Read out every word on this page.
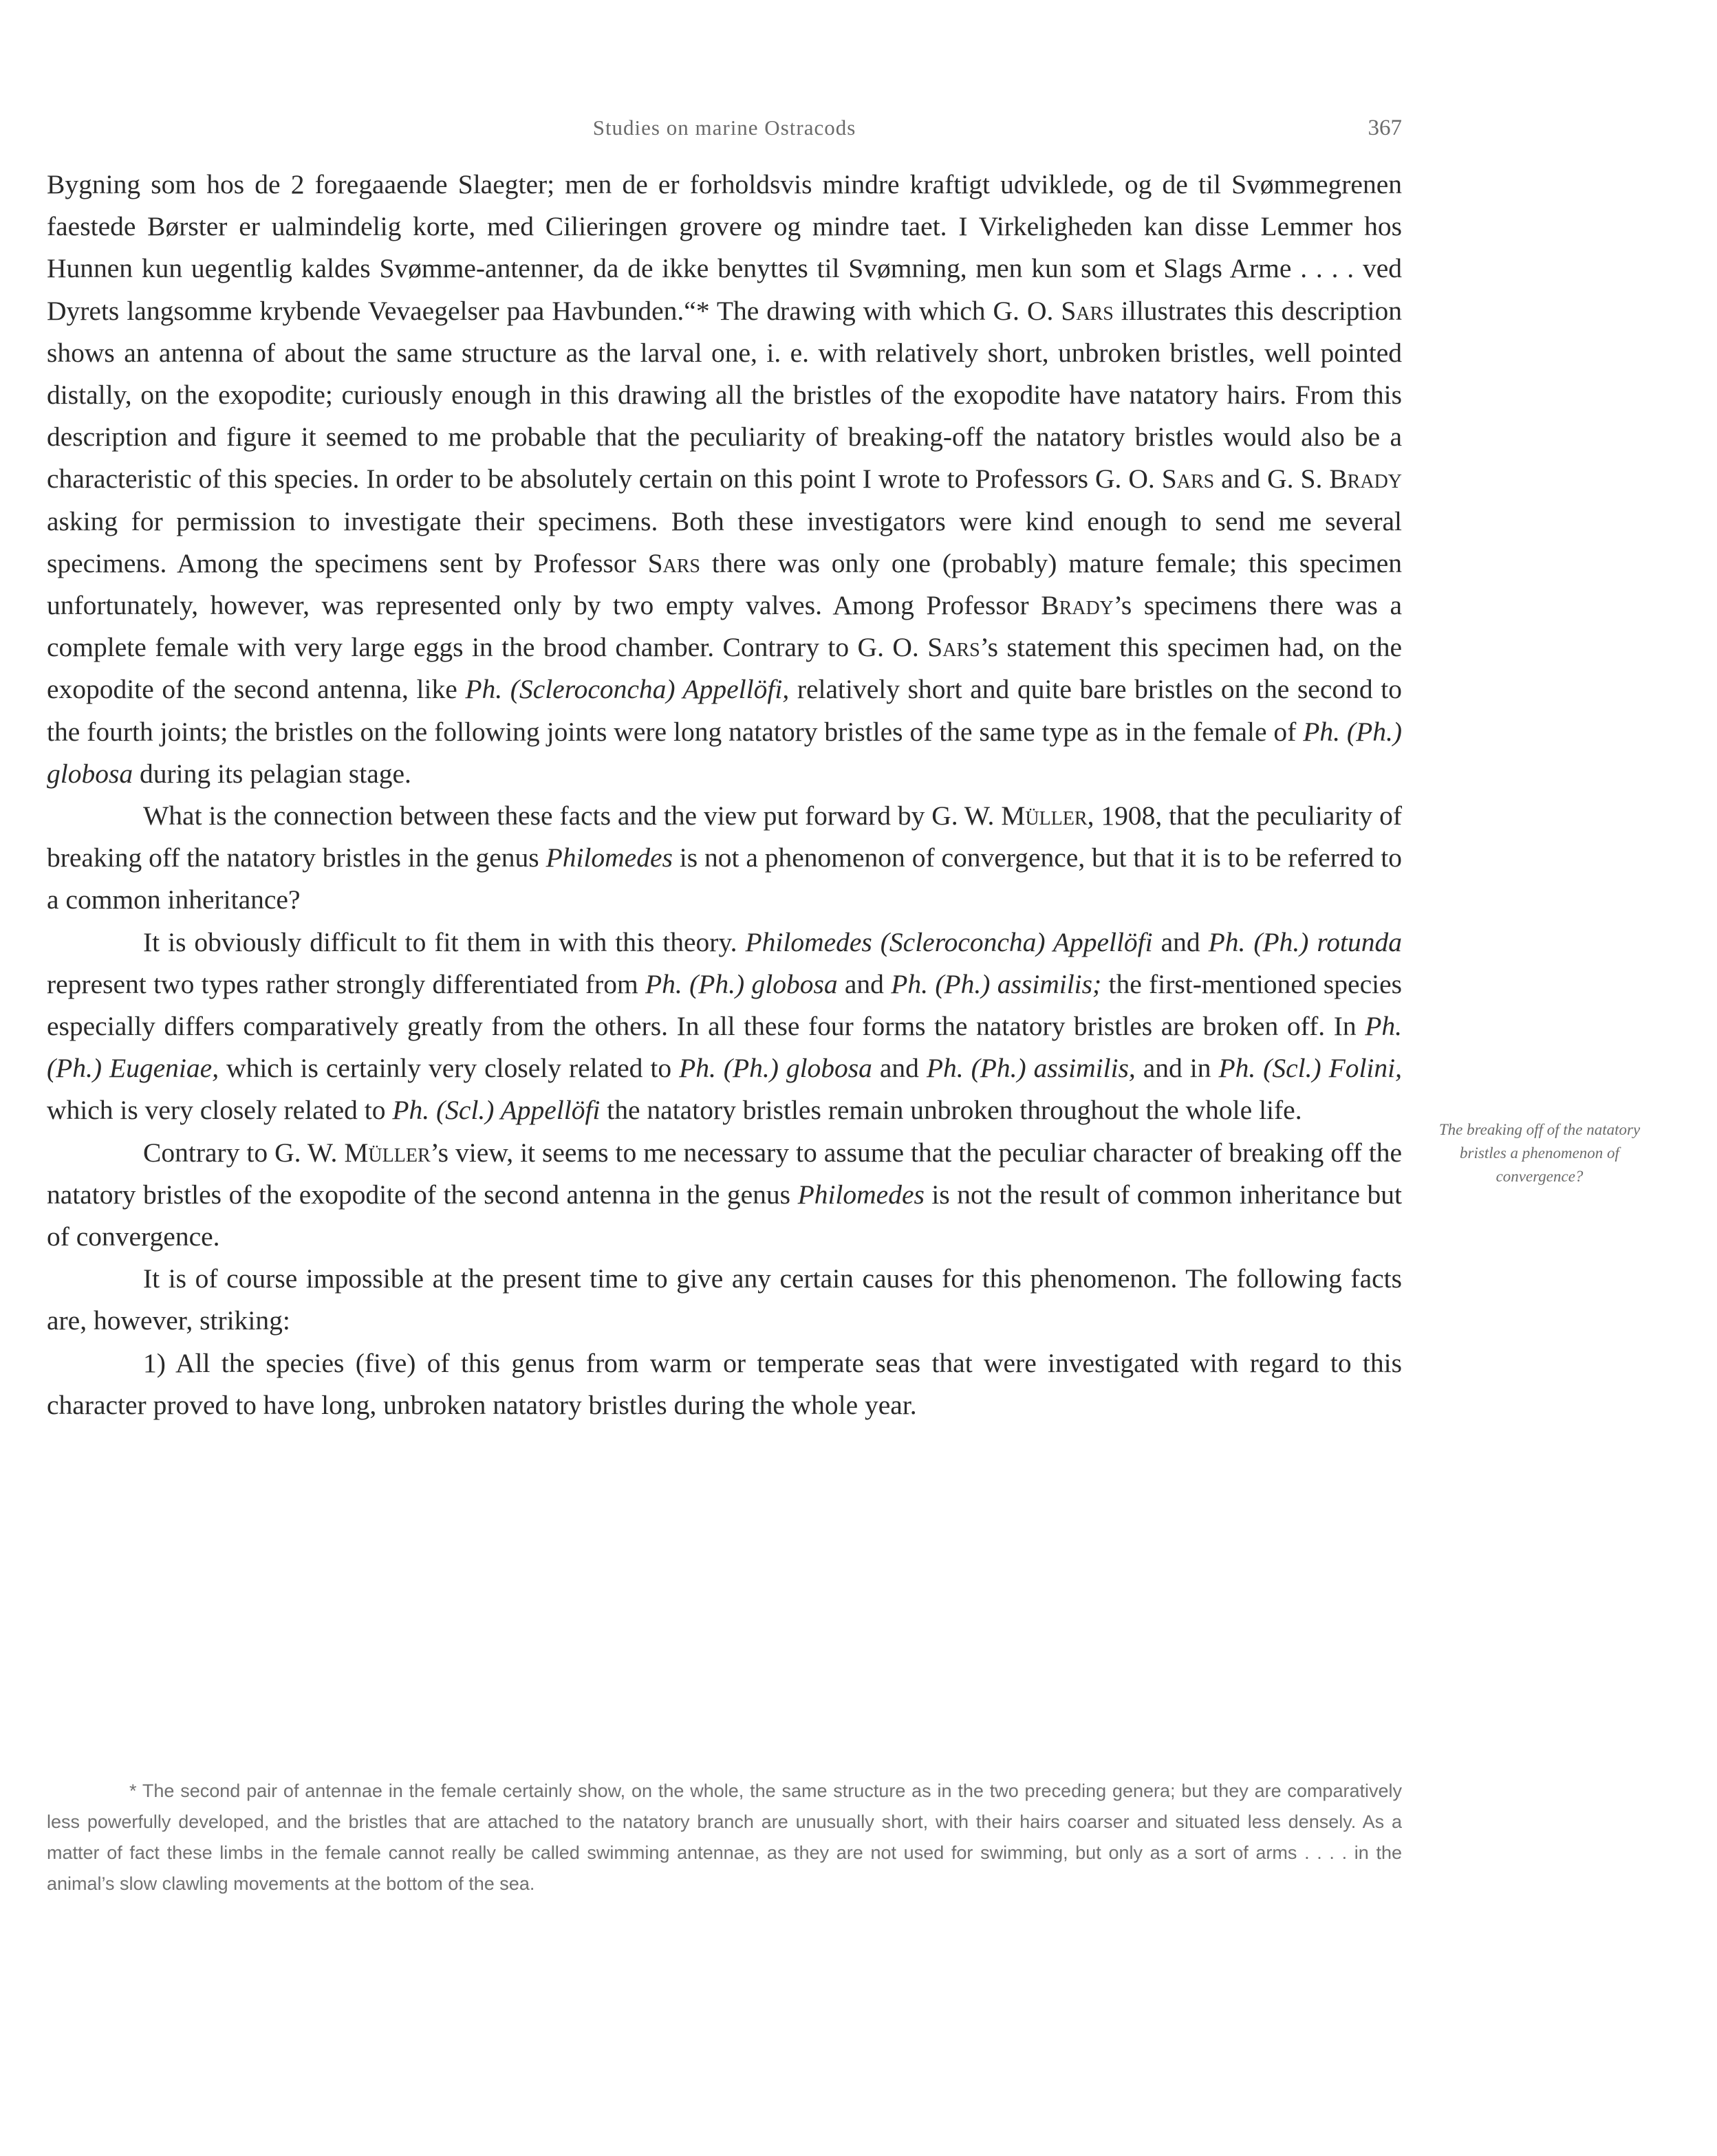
Studies on marine Ostracods	367

Bygning som hos de 2 foregaaende Slaegter; men de er forholdsvis mindre kraftigt udviklede, og de til Svømmegrenen faestede Børster er ualmindelig korte, med Cilieringen grovere og mindre taet. I Virkeligheden kan disse Lemmer hos Hunnen kun uegentlig kaldes Svømme-antenner, da de ikke benyttes til Svømning, men kun som et Slags Arme . . . . ved Dyrets langsomme krybende Vevaegelser paa Havbunden.“* The drawing with which G. O. Sars illustrates this description shows an antenna of about the same structure as the larval one, i. e. with relatively short, unbroken bristles, well pointed distally, on the exopodite; curiously enough in this drawing all the bristles of the exopodite have natatory hairs. From this description and figure it seemed to me probable that the peculiarity of breaking-off the natatory bristles would also be a characteristic of this species. In order to be absolutely certain on this point I wrote to Professors G. O. Sars and G. S. Brady asking for permission to investigate their specimens. Both these investigators were kind enough to send me several specimens. Among the specimens sent by Professor Sars there was only one (probably) mature female; this specimen unfortunately, however, was represented only by two empty valves. Among Professor Brady’s specimens there was a complete female with very large eggs in the brood chamber. Contrary to G. O. Sars’s statement this specimen had, on the exopodite of the second antenna, like Ph. (Scleroconcha) Appellöfi, relatively short and quite bare bristles on the second to the fourth joints; the bristles on the following joints were long natatory bristles of the same type as in the female of Ph. (Ph.) globosa during its pelagian stage.

What is the connection between these facts and the view put forward by G. W. Müller, 1908, that the peculiarity of breaking off the natatory bristles in the genus Philomedes is not a phenomenon of convergence, but that it is to be referred to a common inheritance?

It is obviously difficult to fit them in with this theory. Philomedes (Scleroconcha) Appellöfi and Ph. (Ph.) rotunda represent two types rather strongly differentiated from Ph. (Ph.) globosa and Ph. (Ph.) assimilis; the first-mentioned species especially differs comparatively greatly from the others. In all these four forms the natatory bristles are broken off. In Ph. (Ph.) Eugeniae, which is certainly very closely related to Ph. (Ph.) globosa and Ph. (Ph.) assimilis, and in Ph. (Scl.) Folini, which is very closely related to Ph. (Scl.) Appellöfi the natatory bristles remain unbroken throughout the whole life.

Contrary to G. W. Müller’s view, it seems to me necessary to assume that the peculiar character of breaking off the natatory bristles of the exopodite of the second antenna in the genus Philomedes is not the result of common inheritance but of convergence.

It is of course impossible at the present time to give any certain causes for this phenomenon. The following facts are, however, striking:

1) All the species (five) of this genus from warm or temperate seas that were investigated with regard to this character proved to have long, unbroken natatory bristles during the whole year.

The breaking off of the natatory bristles a phenomenon of convergence?

* The second pair of antennae in the female certainly show, on the whole, the same structure as in the two preceding genera; but they are comparatively less powerfully developed, and the bristles that are attached to the natatory branch are unusually short, with their hairs coarser and situated less densely. As a matter of fact these limbs in the female cannot really be called swimming antennae, as they are not used for swimming, but only as a sort of arms . . . . in the animal’s slow clawling movements at the bottom of the sea.
